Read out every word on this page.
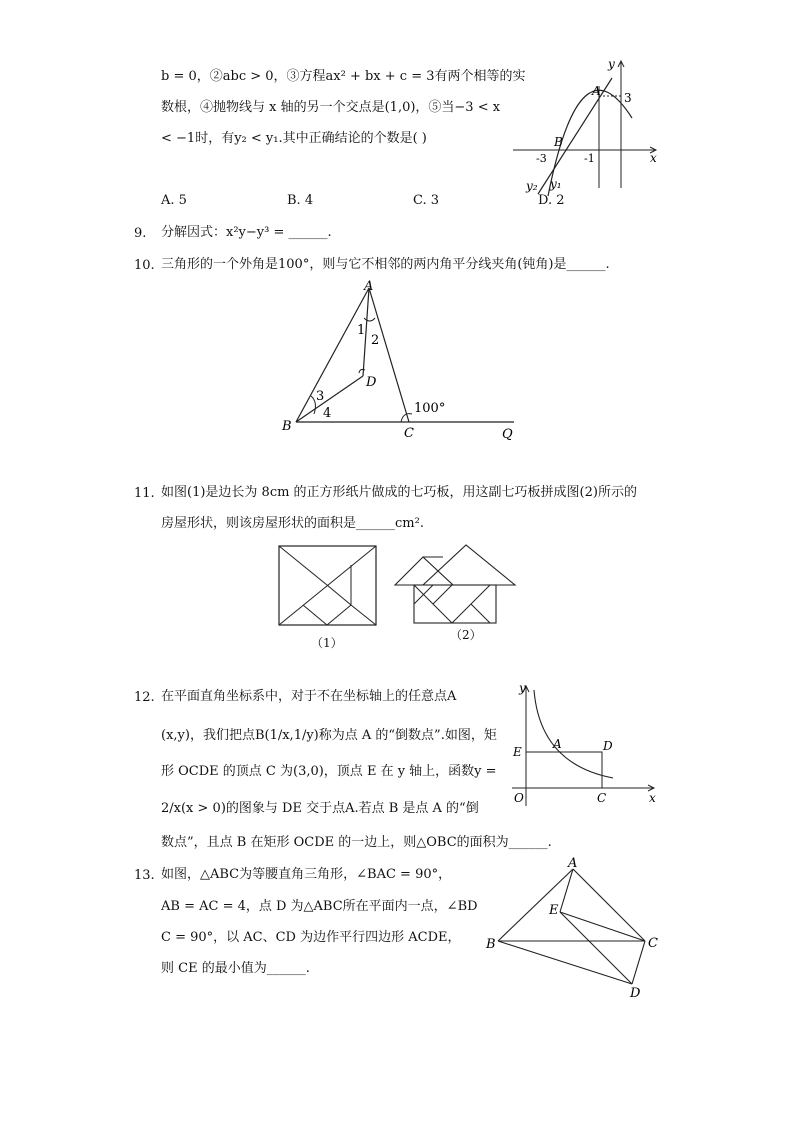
b = 0，②abc > 0，③方程ax² + bx + c = 3有两个相等的实
数根，④抛物线与 x 轴的另一个交点是(1,0)，⑤当−3 < x
< −1时，有y₂ < y₁.其中正确结论的个数是( )
A. 5	B. 4	C. 3	D. 2
A 3
B
-3	-1	x
y
y₂ y₁
9. 分解因式：x²y−y³ = ______.
10. 三角形的一个外角是100°，则与它不相邻的两内角平分线夹角(钝角)是______.
A
B	C
D
Q
1
2
3
4	100°
11. 如图(1)是边长为 8cm 的正方形纸片做成的七巧板，用这副七巧板拼成图(2)所示的
房屋形状，则该房屋形状的面积是______cm².
（1）
（2）
12. 在平面直角坐标系中，对于不在坐标轴上的任意点A
(x,y)，我们把点B(1/x,1/y)称为点 A 的“倒数点”.如图，矩
形 OCDE 的顶点 C 为(3,0)，顶点 E 在 y 轴上，函数y =
2/x(x > 0)的图象与 DE 交于点A.若点 B 是点 A 的“倒
数点”，且点 B 在矩形 OCDE 的一边上，则△OBC的面积为______.
y
x
O	C
D
E
A
13. 如图，△ABC为等腰直角三角形，∠BAC = 90°，
AB = AC = 4，点 D 为△ABC所在平面内一点，∠BD
C = 90°，以 AC、CD 为边作平行四边形 ACDE，
则 CE 的最小值为______.
A
B	C
D
E
